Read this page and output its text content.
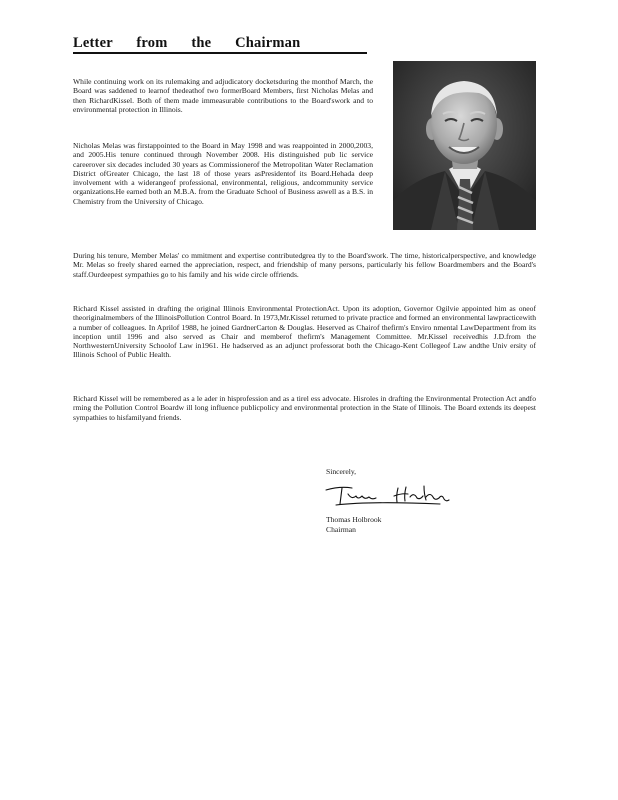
Letter from the Chairman

While continuing work on its rulemaking and adjudicatory docketsduring the monthof March, the Board was saddened to learnof thedeathof two formerBoard Members, first Nicholas Melas and then RichardKissel. Both of them made immeasurable contributions to the Board'swork and to environmental protection in Illinois.

Nicholas Melas was firstappointed to the Board in May 1998 and was reappointed in 2000,2003, and 2005.His tenure continued through November 2008. His distinguished pub lic service careerover six decades included 30 years as Commissionerof the Metropolitan Water Reclamation District ofGreater Chicago, the last 18 of those years asPresidentof its Board.Hehada deep involvement with a widerangeof professional, environmental, religious, andcommunity service organizations.He earned both an M.B.A. from the Graduate School of Business aswell as a B.S. in Chemistry from the University of Chicago.

During his tenure, Member Melas' co mmitment and expertise contributedgrea tly to the Board'swork. The time, historicalperspective, and knowledge Mr. Melas so freely shared earned the appreciation, respect, and friendship of many persons, particularly his fellow Boardmembers and the Board's staff.Ourdeepest sympathies go to his family and his wide circle offriends.

Richard Kissel assisted in drafting the original Illinois Environmental ProtectionAct. Upon its adoption, Governor Ogilvie appointed him as oneof theoriginalmembers of the IllinoisPollution Control Board. In 1973,Mr.Kissel returned to private practice and formed an environmental lawpracticewith a number of colleagues. In Aprilof 1988, he joined GardnerCarton & Douglas. Heserved as Chairof thefirm's Enviro nmental LawDepartment from its inception until 1996 and also served as Chair and memberof thefirm's Management Committee. Mr.Kissel receivedhis J.D.from the NorthwesternUniversity Schoolof Law in1961. He hadserved as an adjunct professorat both the Chicago-Kent Collegeof Law andthe Univ ersity of Illinois School of Public Health.

Richard Kissel will be remembered as a le ader in hisprofession and as a tirel ess advocate. Hisroles in drafting the Environmental Protection Act andfo rming the Pollution Control Boardw ill long influence publicpolicy and environmental protection in the State of Illinois. The Board extends its deepest sympathies to hisfamilyand friends.

Sincerely,
Thomas Holbrook
Chairman
